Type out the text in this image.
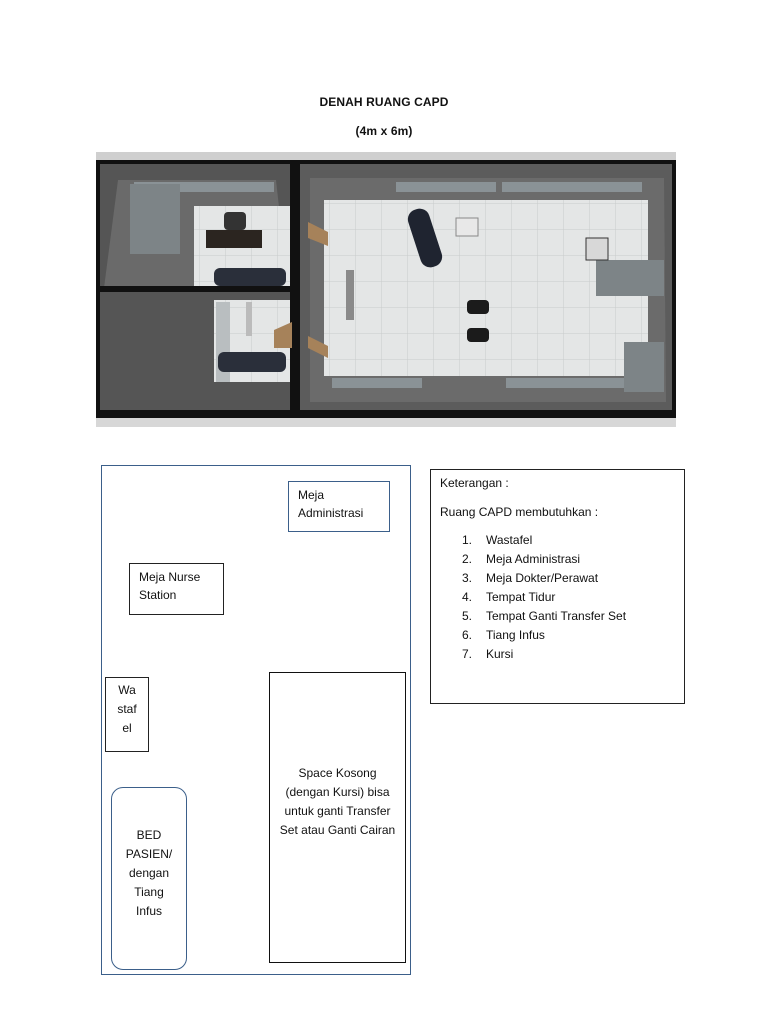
DENAH RUANG CAPD
(4m x 6m)
Meja Administrasi
Meja Nurse Station
Wa
staf
el
BED
PASIEN/
dengan
Tiang
Infus
Space Kosong (dengan Kursi) bisa untuk ganti Transfer Set atau Ganti Cairan
Keterangan :
Ruang CAPD membutuhkan :
1.	Wastafel
2.	Meja Administrasi
3.	Meja Dokter/Perawat
4.	Tempat Tidur
5.	Tempat Ganti Transfer Set
6.	Tiang Infus
7.	Kursi
